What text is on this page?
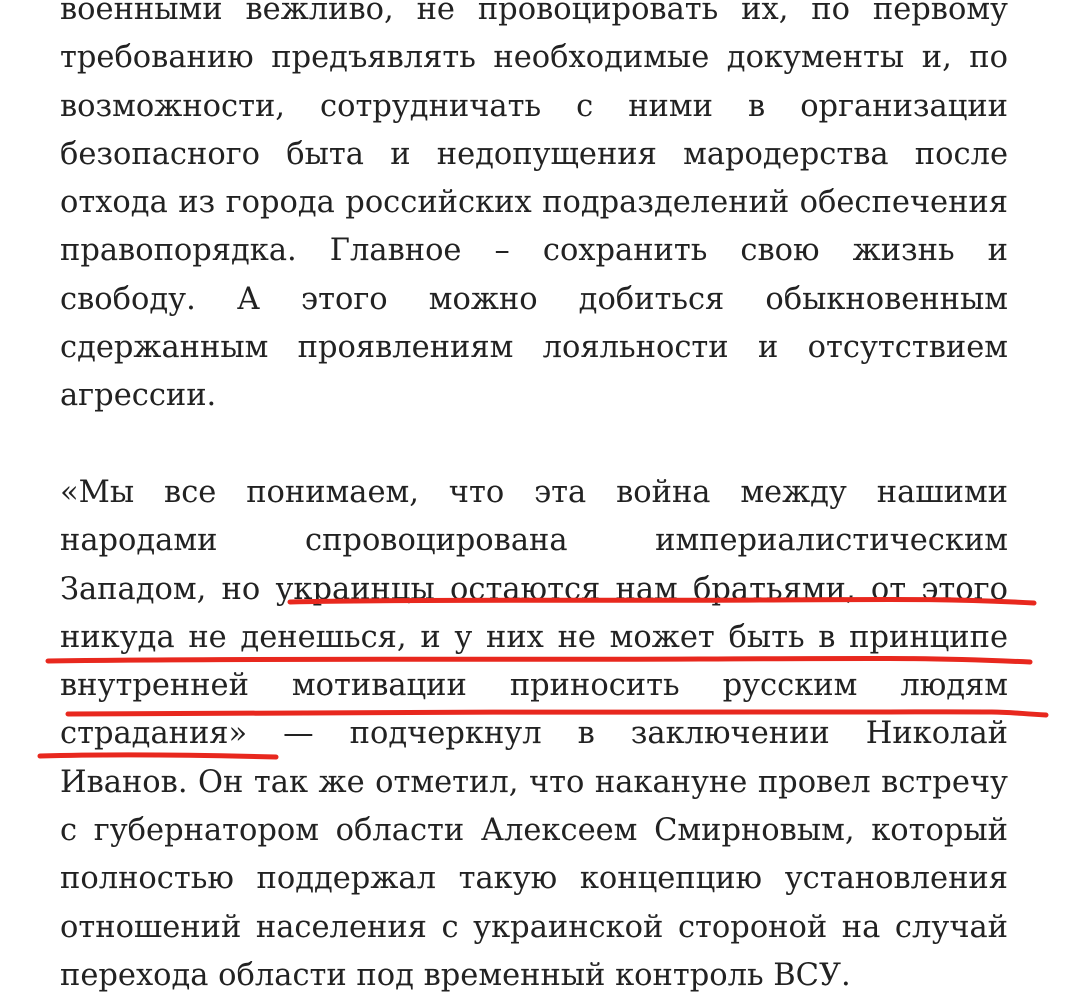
военными вежливо, не провоцировать их, по первому
требованию предъявлять необходимые документы и, по
возможности, сотрудничать с ними в организации
безопасного быта и недопущения мародерства после
отхода из города российских подразделений обеспечения
правопорядка. Главное – сохранить свою жизнь и
свободу. А этого можно добиться обыкновенным
сдержанным проявлениям лояльности и отсутствием
агрессии.
«Мы все понимаем, что эта война между нашими
народами спровоцирована империалистическим
Западом, но украинцы остаются нам братьями, от этого
никуда не денешься, и у них не может быть в принципе
внутренней мотивации приносить русским людям
страдания» — подчеркнул в заключении Николай
Иванов. Он так же отметил, что накануне провел встречу
с губернатором области Алексеем Смирновым, который
полностью поддержал такую концепцию установления
отношений населения с украинской стороной на случай
перехода области под временный контроль ВСУ.
